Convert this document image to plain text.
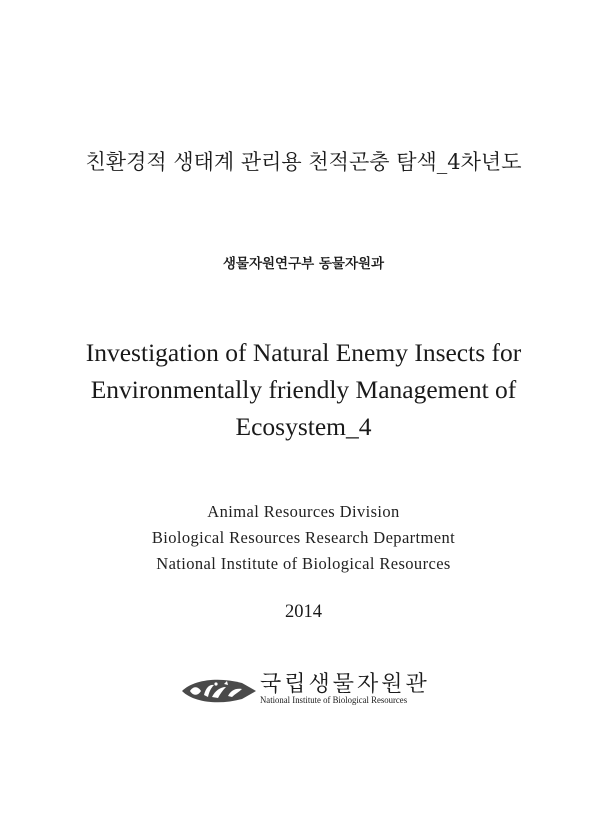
친환경적 생태계 관리용 천적곤충 탐색_4차년도
생물자원연구부 동물자원과
Investigation of Natural Enemy Insects for
Environmentally friendly Management of
Ecosystem_4
Animal Resources Division
Biological Resources Research Department
National Institute of Biological Resources
2014
국립생물자원관
National Institute of Biological Resources
